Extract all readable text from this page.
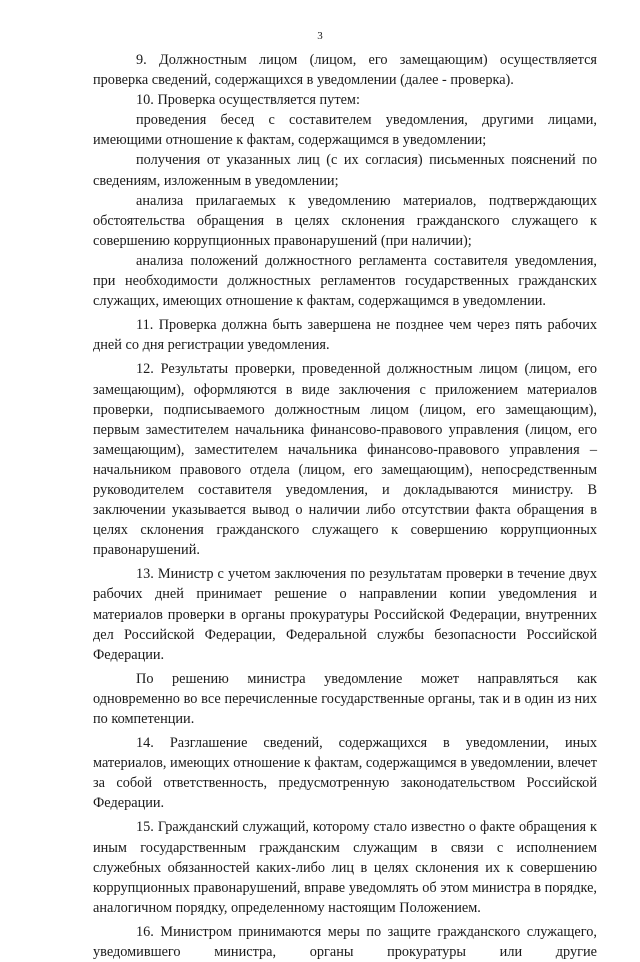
3

9. Должностным лицом (лицом, его замещающим) осуществляется проверка сведений, содержащихся в уведомлении (далее - проверка).

10. Проверка осуществляется путем:

проведения бесед с составителем уведомления, другими лицами, имеющими отношение к фактам, содержащимся в уведомлении;

получения от указанных лиц (с их согласия) письменных пояснений по сведениям, изложенным в уведомлении;

анализа прилагаемых к уведомлению материалов, подтверждающих обстоятельства обращения в целях склонения гражданского служащего к совершению коррупционных правонарушений (при наличии);

анализа положений должностного регламента составителя уведомления, при необходимости должностных регламентов государственных гражданских служащих, имеющих отношение к фактам, содержащимся в уведомлении.

11. Проверка должна быть завершена не позднее чем через пять рабочих дней со дня регистрации уведомления.

12. Результаты проверки, проведенной должностным лицом (лицом, его замещающим), оформляются в виде заключения с приложением материалов проверки, подписываемого должностным лицом (лицом, его замещающим), первым заместителем начальника финансово-правового управления (лицом, его замещающим), заместителем начальника финансово-правового управления – начальником правового отдела (лицом, его замещающим), непосредственным руководителем составителя уведомления, и докладываются министру. В заключении указывается вывод о наличии либо отсутствии факта обращения в целях склонения гражданского служащего к совершению коррупционных правонарушений.

13. Министр с учетом заключения по результатам проверки в течение двух рабочих дней принимает решение о направлении копии уведомления и материалов проверки в органы прокуратуры Российской Федерации, внутренних дел Российской Федерации, Федеральной службы безопасности Российской Федерации.

По решению министра уведомление может направляться как одновременно во все перечисленные государственные органы, так и в один из них по компетенции.

14. Разглашение сведений, содержащихся в уведомлении, иных материалов, имеющих отношение к фактам, содержащимся в уведомлении, влечет за собой ответственность, предусмотренную законодательством Российской Федерации.

15. Гражданский служащий, которому стало известно о факте обращения к иным государственным гражданским служащим в связи с исполнением служебных обязанностей каких-либо лиц в целях склонения их к совершению коррупционных правонарушений, вправе уведомлять об этом министра в порядке, аналогичном порядку, определенному настоящим Положением.

16. Министром принимаются меры по защите гражданского служащего, уведомившего министра, органы прокуратуры или другие
